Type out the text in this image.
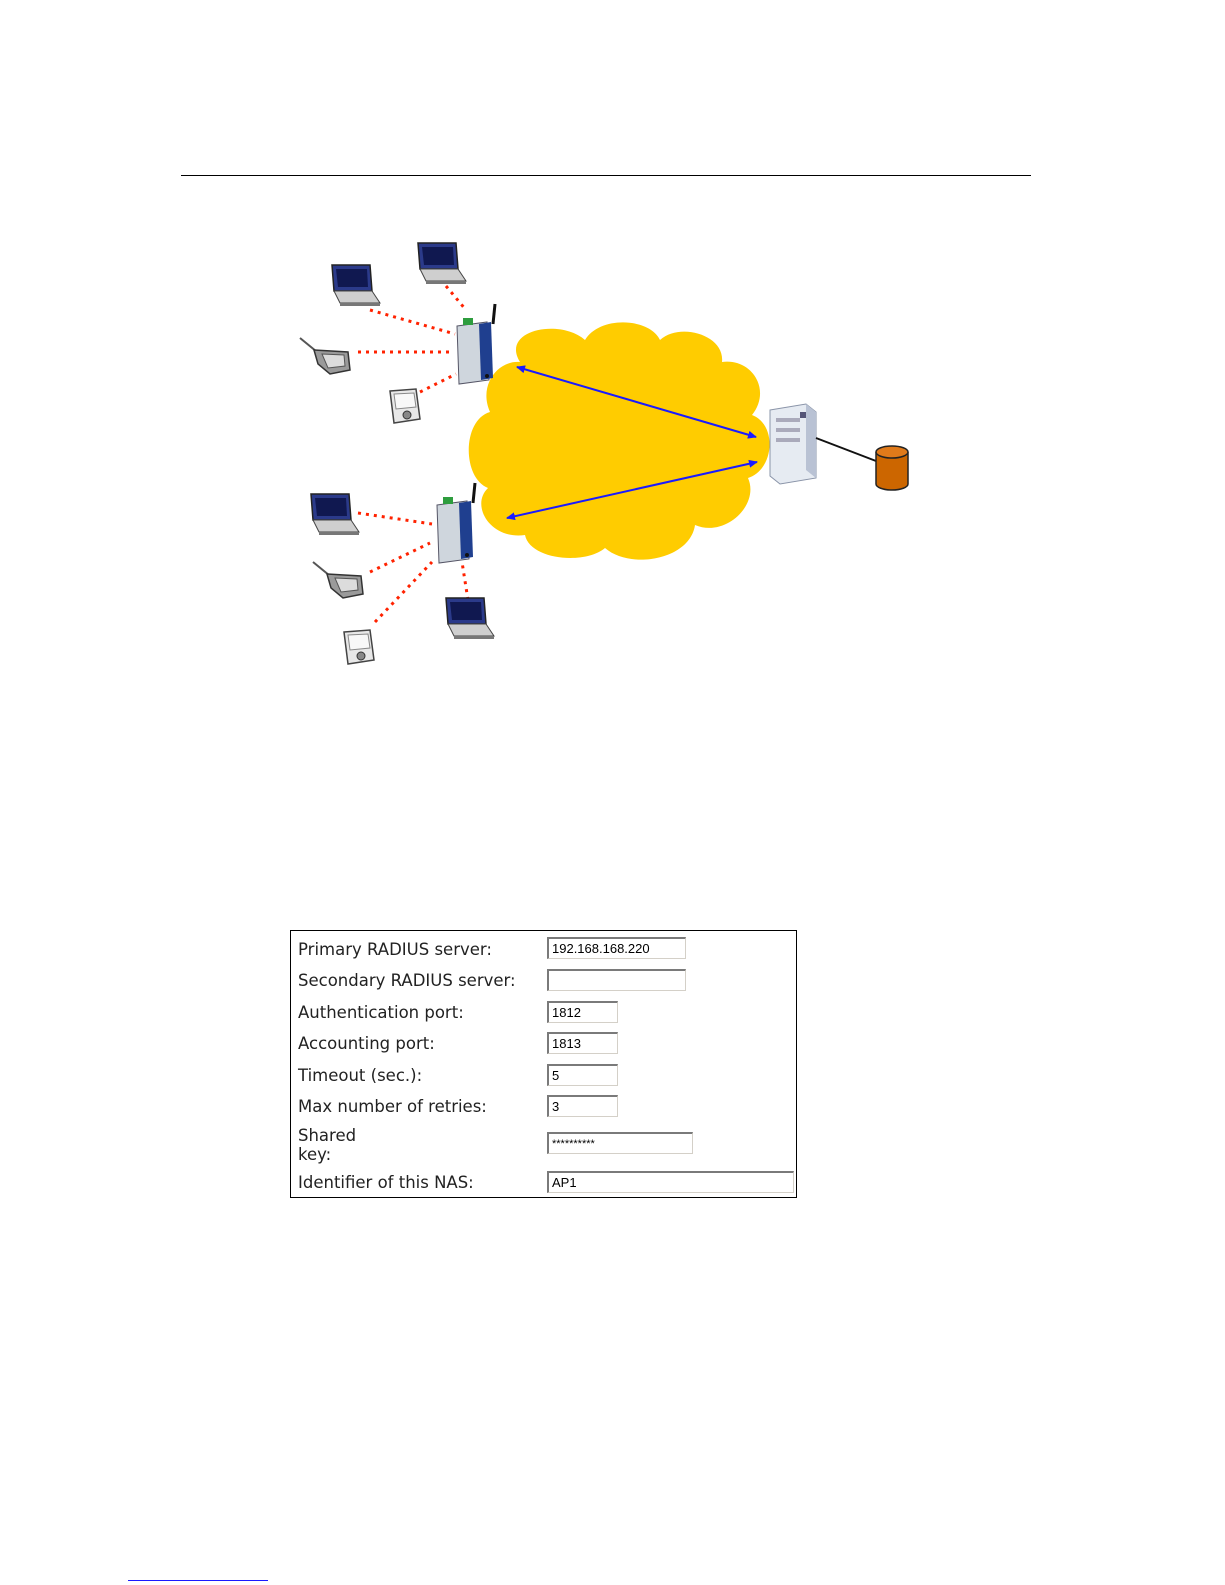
Primary RADIUS server:
192.168.168.220
Secondary RADIUS server:
Authentication port:
1812
Accounting port:
1813
Timeout (sec.):
5
Max number of retries:
3
Shared
key:
**********
Identifier of this NAS:
AP1
